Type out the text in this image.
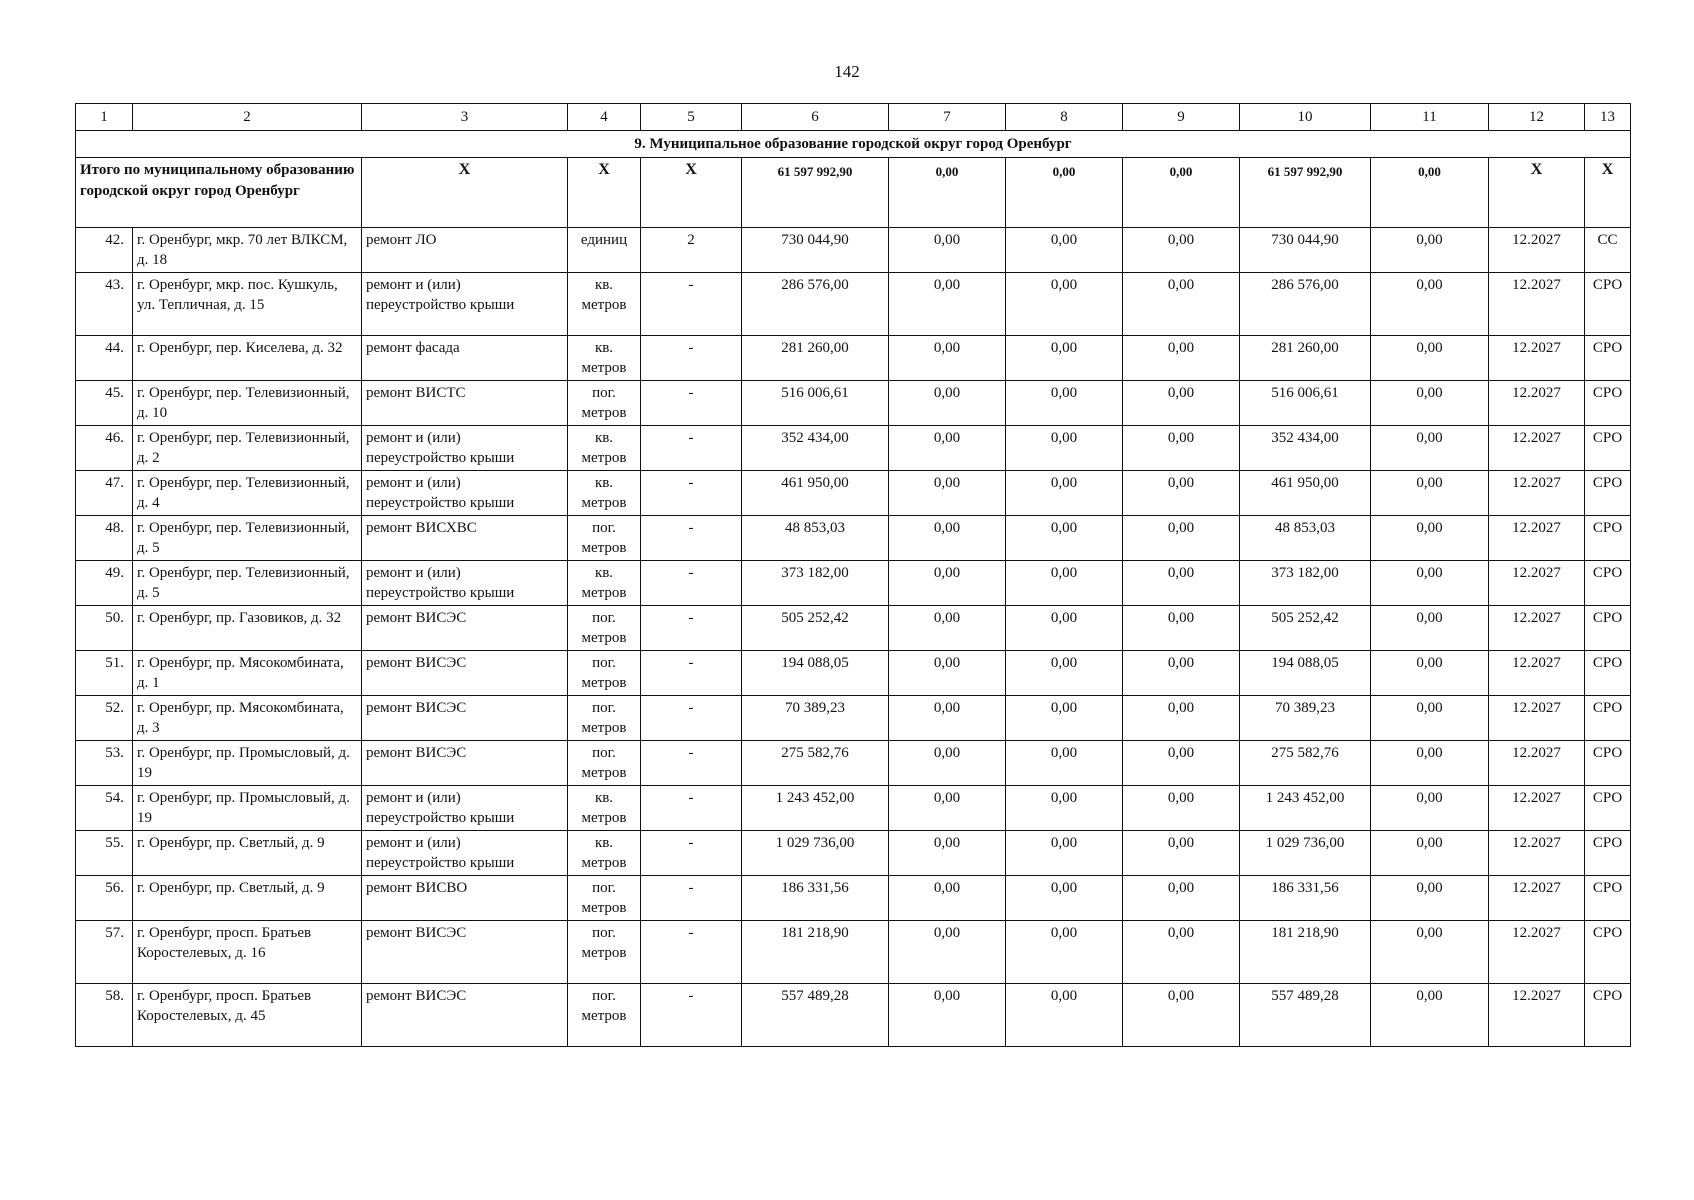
142
1	2	3	4	5	6	7	8	9	10	11	12	13
9. Муниципальное образование городской округ город Оренбург												
Итого по муниципальному образованию городской округ город Оренбург		X	X	X	61 597 992,90	0,00	0,00	0,00	61 597 992,90	0,00	X	X
42.	г. Оренбург, мкр. 70 лет ВЛКСМ, д. 18	ремонт ЛО	единиц	2	730 044,90	0,00	0,00	0,00	730 044,90	0,00	12.2027	СС
43.	г. Оренбург, мкр. пос. Кушкуль, ул. Тепличная, д. 15	ремонт и (или) переустройство крыши	кв. метров	-	286 576,00	0,00	0,00	0,00	286 576,00	0,00	12.2027	СРО
44.	г. Оренбург, пер. Киселева, д. 32	ремонт фасада	кв. метров	-	281 260,00	0,00	0,00	0,00	281 260,00	0,00	12.2027	СРО
45.	г. Оренбург, пер. Телевизионный, д. 10	ремонт ВИСТС	пог. метров	-	516 006,61	0,00	0,00	0,00	516 006,61	0,00	12.2027	СРО
46.	г. Оренбург, пер. Телевизионный, д. 2	ремонт и (или) переустройство крыши	кв. метров	-	352 434,00	0,00	0,00	0,00	352 434,00	0,00	12.2027	СРО
47.	г. Оренбург, пер. Телевизионный, д. 4	ремонт и (или) переустройство крыши	кв. метров	-	461 950,00	0,00	0,00	0,00	461 950,00	0,00	12.2027	СРО
48.	г. Оренбург, пер. Телевизионный, д. 5	ремонт ВИСХВС	пог. метров	-	48 853,03	0,00	0,00	0,00	48 853,03	0,00	12.2027	СРО
49.	г. Оренбург, пер. Телевизионный, д. 5	ремонт и (или) переустройство крыши	кв. метров	-	373 182,00	0,00	0,00	0,00	373 182,00	0,00	12.2027	СРО
50.	г. Оренбург, пр. Газовиков, д. 32	ремонт ВИСЭС	пог. метров	-	505 252,42	0,00	0,00	0,00	505 252,42	0,00	12.2027	СРО
51.	г. Оренбург, пр. Мясокомбината, д. 1	ремонт ВИСЭС	пог. метров	-	194 088,05	0,00	0,00	0,00	194 088,05	0,00	12.2027	СРО
52.	г. Оренбург, пр. Мясокомбината, д. 3	ремонт ВИСЭС	пог. метров	-	70 389,23	0,00	0,00	0,00	70 389,23	0,00	12.2027	СРО
53.	г. Оренбург, пр. Промысловый, д. 19	ремонт ВИСЭС	пог. метров	-	275 582,76	0,00	0,00	0,00	275 582,76	0,00	12.2027	СРО
54.	г. Оренбург, пр. Промысловый, д. 19	ремонт и (или) переустройство крыши	кв. метров	-	1 243 452,00	0,00	0,00	0,00	1 243 452,00	0,00	12.2027	СРО
55.	г. Оренбург, пр. Светлый, д. 9	ремонт и (или) переустройство крыши	кв. метров	-	1 029 736,00	0,00	0,00	0,00	1 029 736,00	0,00	12.2027	СРО
56.	г. Оренбург, пр. Светлый, д. 9	ремонт ВИСВО	пог. метров	-	186 331,56	0,00	0,00	0,00	186 331,56	0,00	12.2027	СРО
57.	г. Оренбург, просп. Братьев Коростелевых, д. 16	ремонт ВИСЭС	пог. метров	-	181 218,90	0,00	0,00	0,00	181 218,90	0,00	12.2027	СРО
58.	г. Оренбург, просп. Братьев Коростелевых, д. 45	ремонт ВИСЭС	пог. метров	-	557 489,28	0,00	0,00	0,00	557 489,28	0,00	12.2027	СРО
